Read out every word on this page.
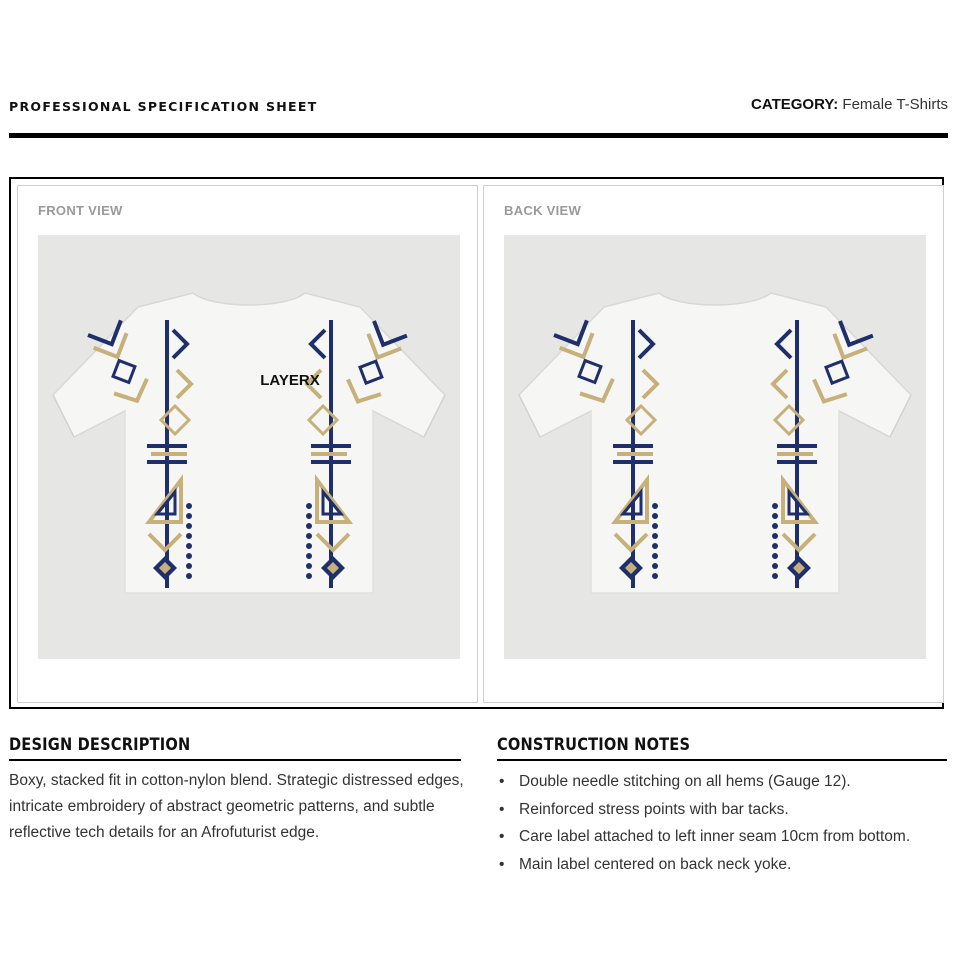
PROFESSIONAL SPECIFICATION SHEET	CATEGORY: Female T-Shirts
FRONT VIEW
LAYERX
BACK VIEW
DESIGN DESCRIPTION
Boxy, stacked fit in cotton-nylon blend. Strategic distressed edges, intricate embroidery of abstract geometric patterns, and subtle reflective tech details for an Afrofuturist edge.
CONSTRUCTION NOTES
• Double needle stitching on all hems (Gauge 12).
• Reinforced stress points with bar tacks.
• Care label attached to left inner seam 10cm from bottom.
• Main label centered on back neck yoke.
